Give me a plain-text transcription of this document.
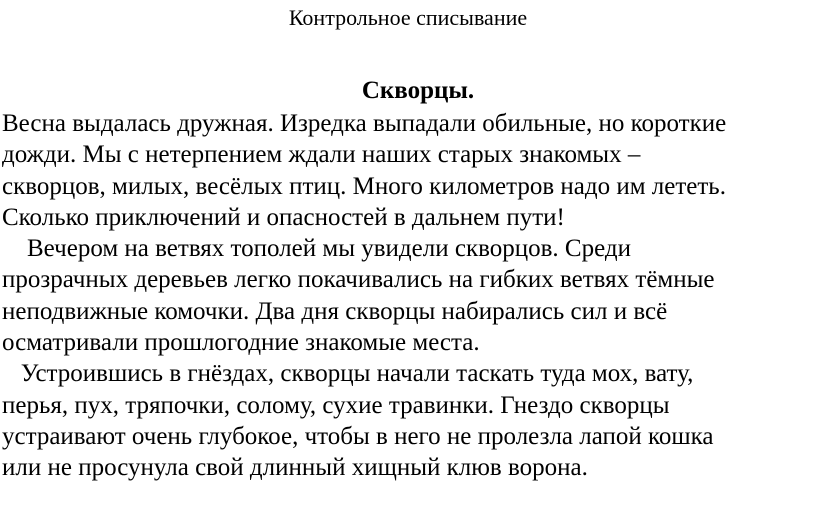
Контрольное списывание
Скворцы.
Весна выдалась дружная. Изредка выпадали обильные, но короткие
дожди. Мы с нетерпением ждали наших старых знакомых –
скворцов, милых, весёлых птиц. Много километров надо им лететь.
Сколько приключений и опасностей в дальнем пути!
Вечером на ветвях тополей мы увидели скворцов. Среди
прозрачных деревьев легко покачивались на гибких ветвях тёмные
неподвижные комочки. Два дня скворцы набирались сил и всё
осматривали прошлогодние знакомые места.
Устроившись в гнёздах, скворцы начали таскать туда мох, вату,
перья, пух, тряпочки, солому, сухие травинки. Гнездо скворцы
устраивают очень глубокое, чтобы в него не пролезла лапой кошка
или не просунула свой длинный хищный клюв ворона.
